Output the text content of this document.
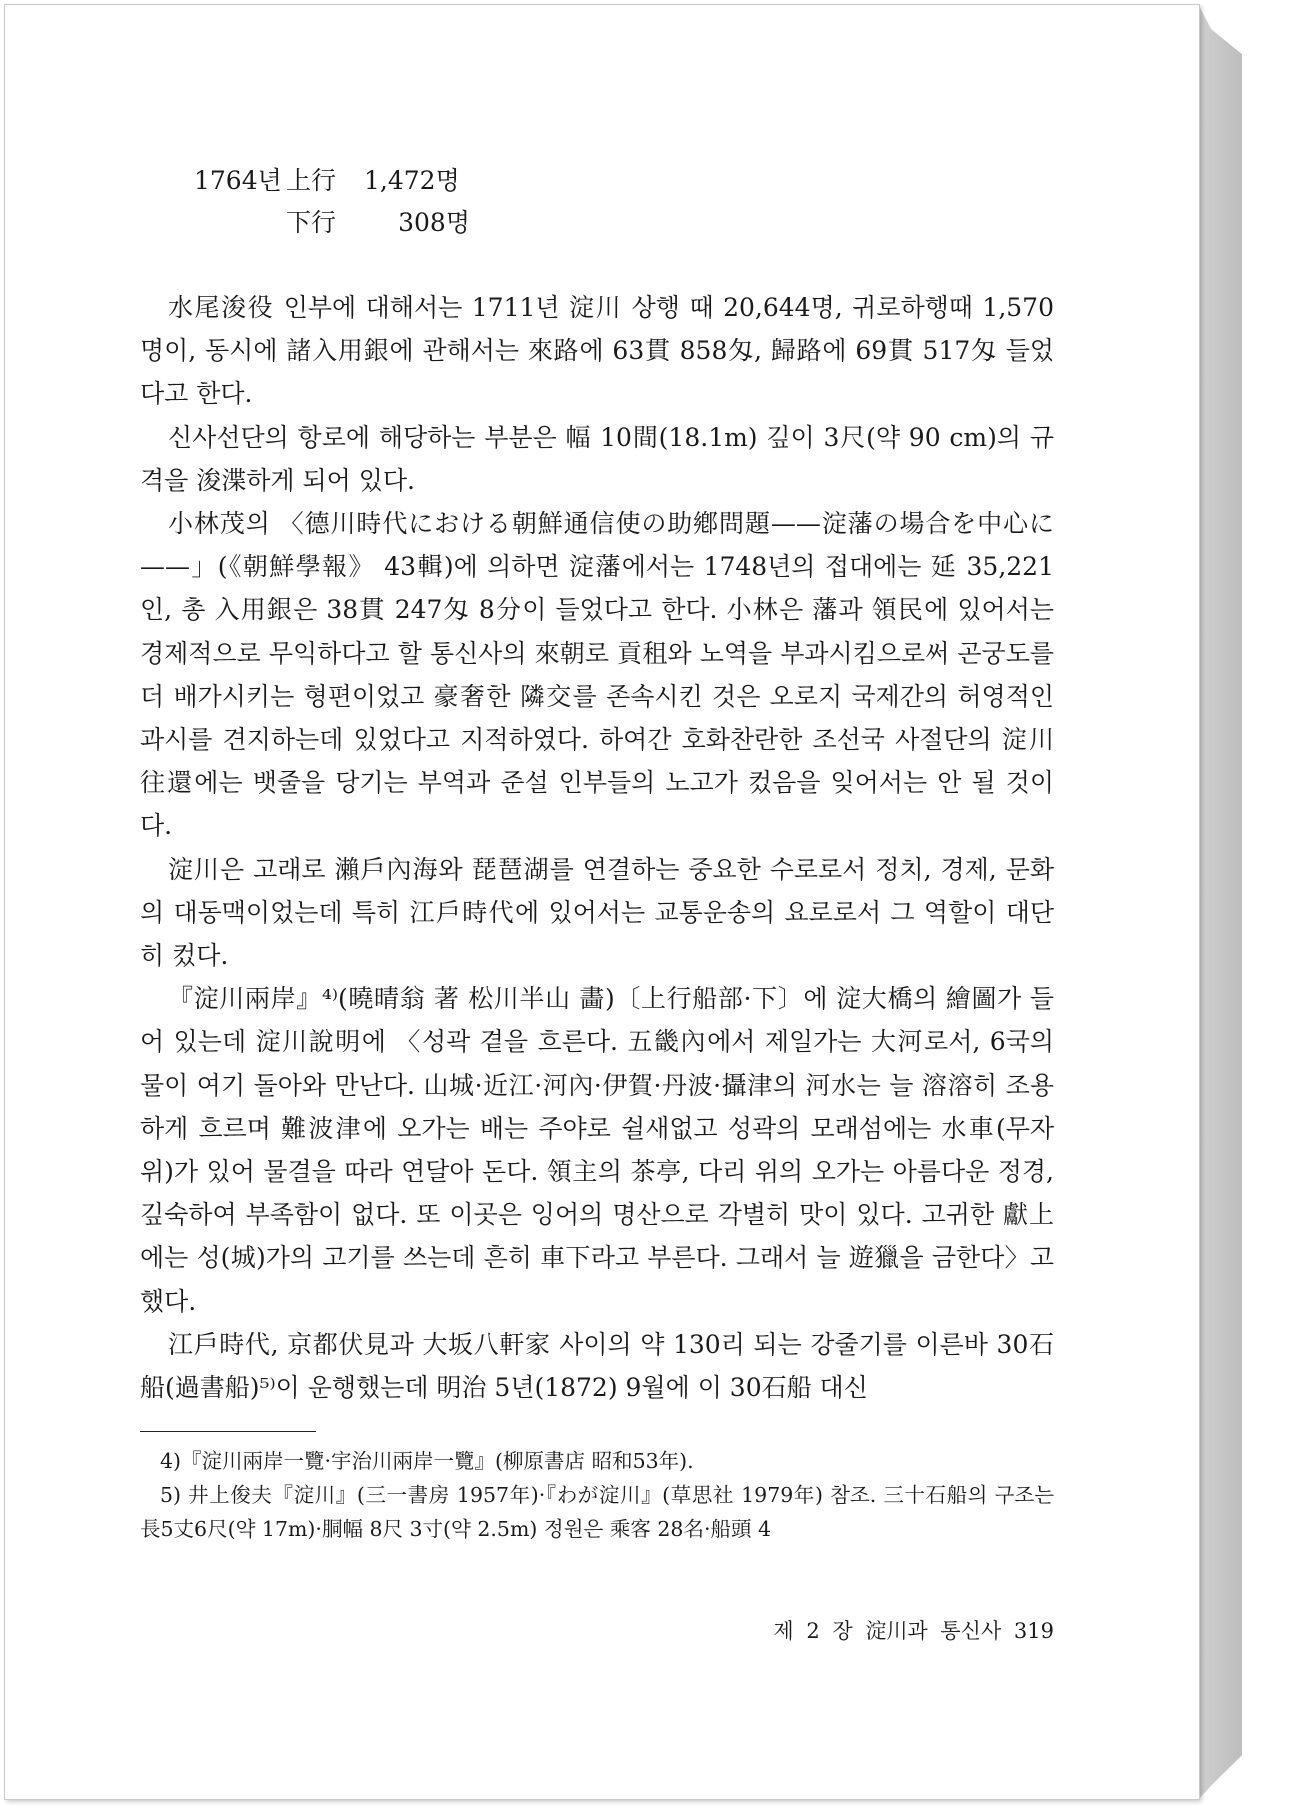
1764년 上行	1,472명
下行	308명

水尾浚役 인부에 대해서는 1711년 淀川 상행 때 20,644명, 귀로하행때 1,570명이, 동시에 諸入用銀에 관해서는 來路에 63貫 858匁, 歸路에 69貫 517匁 들었다고 한다.

신사선단의 항로에 해당하는 부분은 幅 10間(18.1m) 깊이 3尺(약 90 cm)의 규격을 浚渫하게 되어 있다.

小林茂의 〈德川時代における朝鮮通信使の助鄕問題——淀藩の場合を中心に——」(《朝鮮學報》 43輯)에 의하면 淀藩에서는 1748년의 접대에는 延 35,221인, 총 入用銀은 38貫 247匁 8分이 들었다고 한다. 小林은 藩과 領民에 있어서는 경제적으로 무익하다고 할 통신사의 來朝로 貢租와 노역을 부과시킴으로써 곤궁도를 더 배가시키는 형편이었고 豪奢한 隣交를 존속시킨 것은 오로지 국제간의 허영적인 과시를 견지하는데 있었다고 지적하였다. 하여간 호화찬란한 조선국 사절단의 淀川往還에는 뱃줄을 당기는 부역과 준설 인부들의 노고가 컸음을 잊어서는 안 될 것이다.

淀川은 고래로 瀨戶內海와 琵琶湖를 연결하는 중요한 수로로서 정치, 경제, 문화의 대동맥이었는데 특히 江戶時代에 있어서는 교통운송의 요로로서 그 역할이 대단히 컸다.

『淀川兩岸』⁴⁾(曉晴翁 著 松川半山 畵)〔上行船部·下〕에 淀大橋의 繪圖가 들어 있는데 淀川說明에 〈성곽 곁을 흐른다. 五畿內에서 제일가는 大河로서, 6국의 물이 여기 돌아와 만난다. 山城·近江·河內·伊賀·丹波·攝津의 河水는 늘 溶溶히 조용하게 흐르며 難波津에 오가는 배는 주야로 쉴새없고 성곽의 모래섬에는 水車(무자위)가 있어 물결을 따라 연달아 돈다. 領主의 茶亭, 다리 위의 오가는 아름다운 정경, 깊숙하여 부족함이 없다. 또 이곳은 잉어의 명산으로 각별히 맛이 있다. 고귀한 獻上에는 성(城)가의 고기를 쓰는데 흔히 車下라고 부른다. 그래서 늘 遊獵을 금한다〉고 했다.

江戶時代, 京都伏見과 大坂八軒家 사이의 약 130리 되는 강줄기를 이른바 30石船(過書船)⁵⁾이 운행했는데 明治 5년(1872) 9월에 이 30石船 대신

4)『淀川兩岸一覽·宇治川兩岸一覽』(柳原書店 昭和53年).

5) 井上俊夫『淀川』(三一書房 1957年)·『わが淀川』(草思社 1979年) 참조. 三十石船의 구조는 長5丈6尺(약 17m)·胴幅 8尺 3寸(약 2.5m) 정원은 乘客 28名·船頭 4

제 2 장 淀川과 통신사 319
